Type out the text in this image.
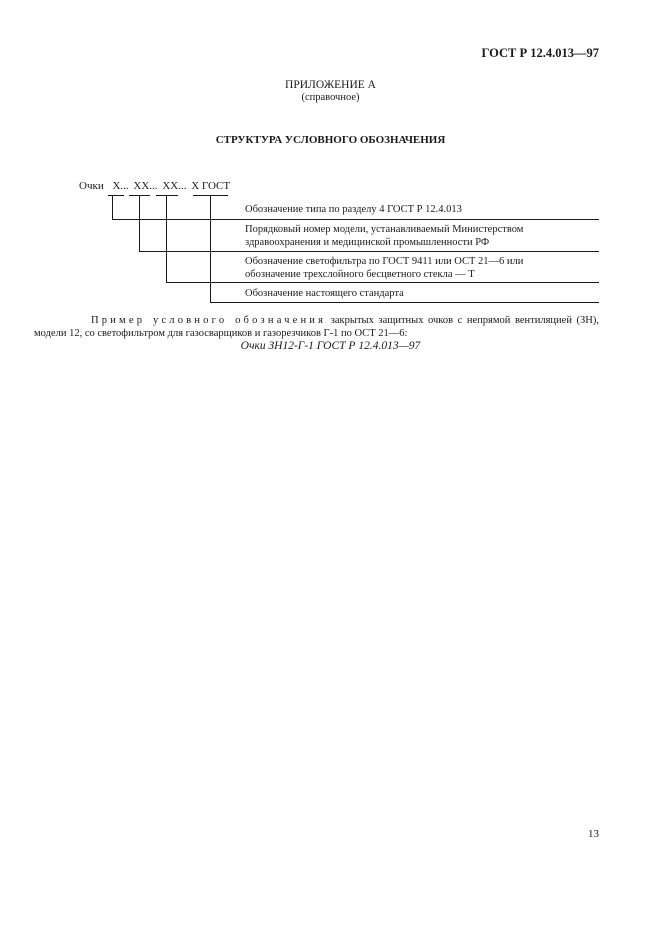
ГОСТ Р 12.4.013—97
ПРИЛОЖЕНИЕ А
(справочное)
СТРУКТУРА УСЛОВНОГО ОБОЗНАЧЕНИЯ
Очки Х... ХХ... ХХ... Х ГОСТ
Обозначение типа по разделу 4 ГОСТ Р 12.4.013
Порядковый номер модели, устанавливаемый Министерством
здравоохранения и медицинской промышленности РФ
Обозначение светофильтра по ГОСТ 9411 или ОСТ 21—6 или
обозначение трехслойного бесцветного стекла — Т
Обозначение настоящего стандарта
Пример условного обозначения закрытых защитных очков с непрямой вентиляцией (ЗН), модели 12, со светофильтром для газосварщиков и газорезчиков Г-1 по ОСТ 21—6:
Очки ЗН12-Г-1 ГОСТ Р 12.4.013—97
13
